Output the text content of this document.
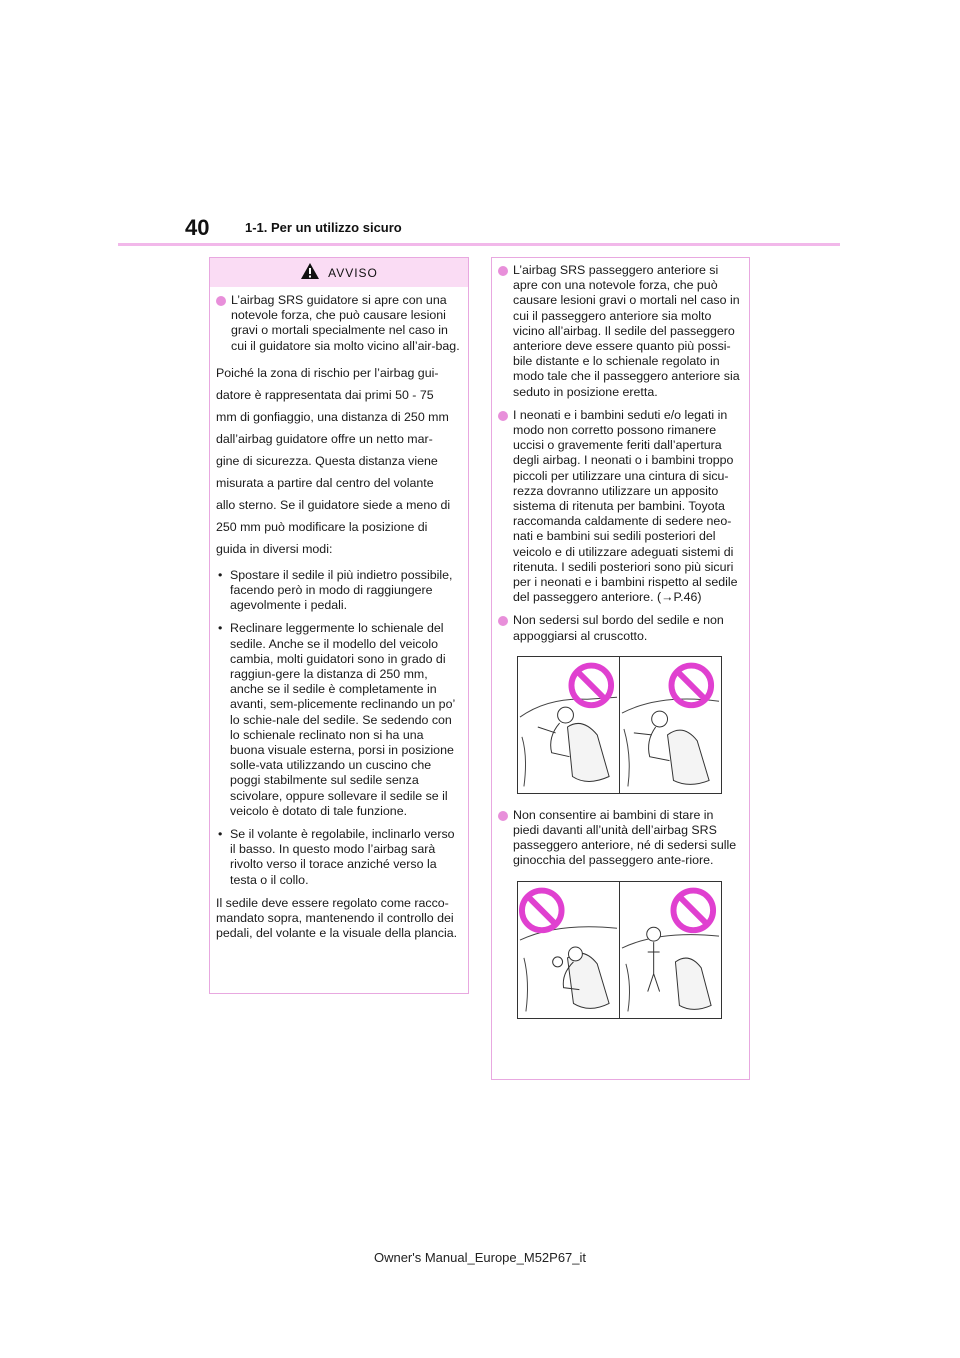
40	1-1. Per un utilizzo sicuro
AVVISO
L’airbag SRS guidatore si apre con una notevole forza, che può causare lesioni gravi o mortali specialmente nel caso in cui il guidatore sia molto vicino all’air-bag.
Poiché la zona di rischio per l’airbag gui-
datore è rappresentata dai primi 50 - 75
mm di gonfiaggio, una distanza di 250 mm
dall’airbag guidatore offre un netto mar-
gine di sicurezza. Questa distanza viene
misurata a partire dal centro del volante
allo sterno. Se il guidatore siede a meno di
250 mm può modificare la posizione di
guida in diversi modi:
• Spostare il sedile il più indietro possibile, facendo però in modo di raggiungere agevolmente i pedali.
• Reclinare leggermente lo schienale del sedile. Anche se il modello del veicolo cambia, molti guidatori sono in grado di raggiun-gere la distanza di 250 mm, anche se il sedile è completamente in avanti, sem-plicemente reclinando un po’ lo schie-nale del sedile. Se sedendo con lo schienale reclinato non si ha una buona visuale esterna, porsi in posizione solle-vata utilizzando un cuscino che poggi stabilmente sul sedile senza scivolare, oppure sollevare il sedile se il veicolo è dotato di tale funzione.
• Se il volante è regolabile, inclinarlo verso il basso. In questo modo l’airbag sarà rivolto verso il torace anziché verso la testa o il collo.
Il sedile deve essere regolato come racco-mandato sopra, mantenendo il controllo dei pedali, del volante e la visuale della plancia.
L’airbag SRS passeggero anteriore si apre con una notevole forza, che può causare lesioni gravi o mortali nel caso in cui il passeggero anteriore sia molto vicino all’airbag. Il sedile del passeggero anteriore deve essere quanto più possi-bile distante e lo schienale regolato in modo tale che il passeggero anteriore sia seduto in posizione eretta.
I neonati e i bambini seduti e/o legati in modo non corretto possono rimanere uccisi o gravemente feriti dall’apertura degli airbag. I neonati o i bambini troppo piccoli per utilizzare una cintura di sicu-rezza dovranno utilizzare un apposito sistema di ritenuta per bambini. Toyota raccomanda caldamente di sedere neo-nati e bambini sui sedili posteriori del veicolo e di utilizzare adeguati sistemi di ritenuta. I sedili posteriori sono più sicuri per i neonati e i bambini rispetto al sedile del passeggero anteriore. (→P.46)
Non sedersi sul bordo del sedile e non appoggiarsi al cruscotto.
Non consentire ai bambini di stare in piedi davanti all’unità dell’airbag SRS passeggero anteriore, né di sedersi sulle ginocchia del passeggero ante-riore.
Owner's Manual_Europe_M52P67_it
